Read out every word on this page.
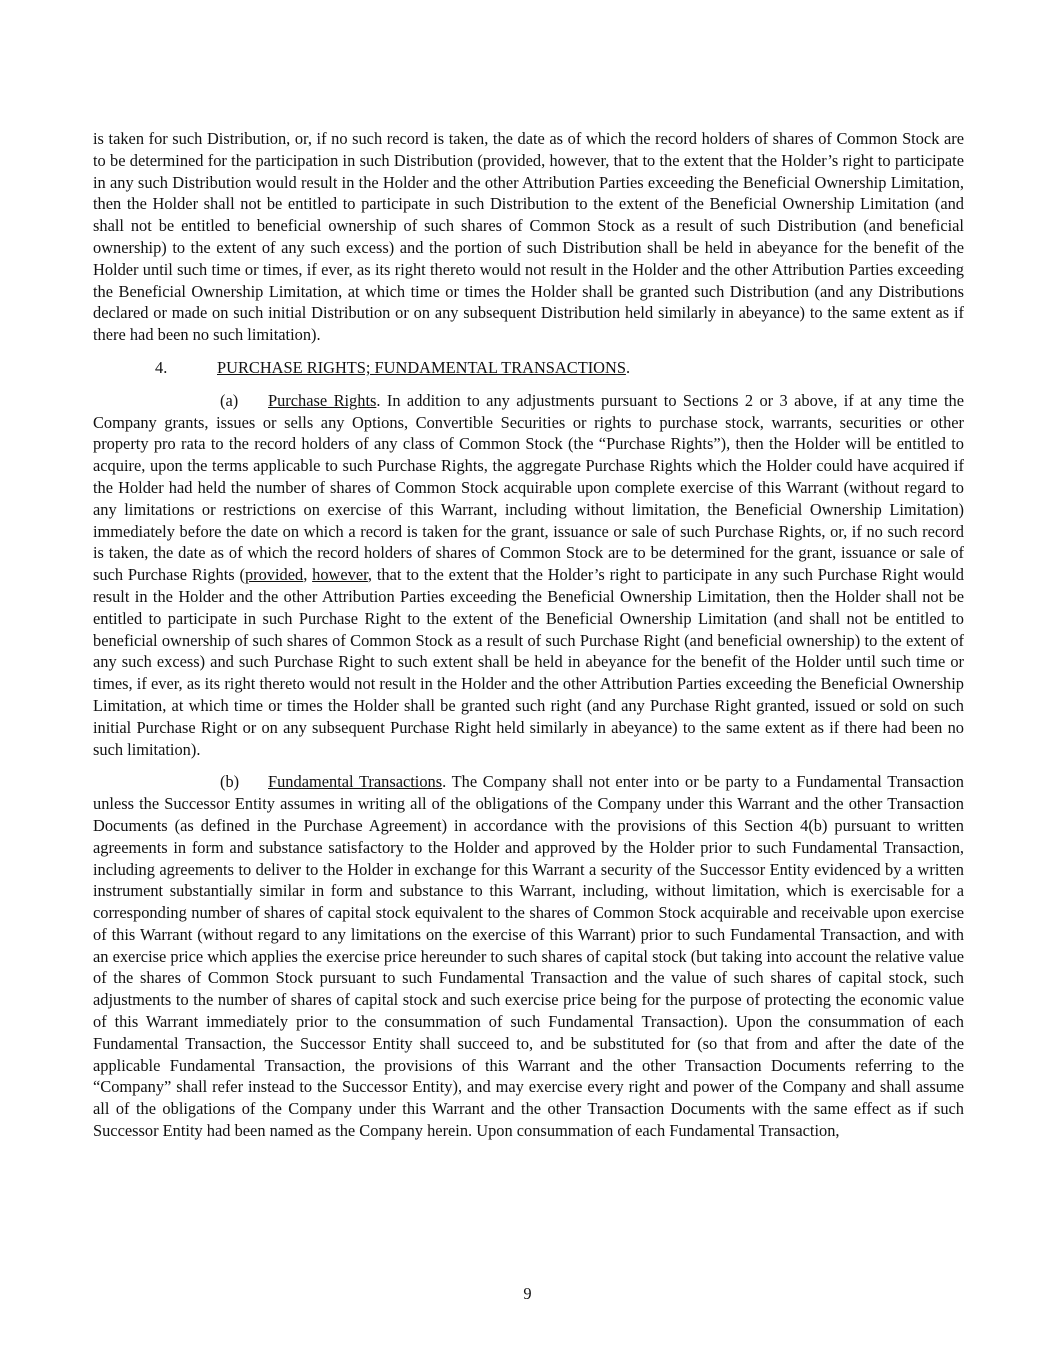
is taken for such Distribution, or, if no such record is taken, the date as of which the record holders of shares of Common Stock are to be determined for the participation in such Distribution (provided, however, that to the extent that the Holder’s right to participate in any such Distribution would result in the Holder and the other Attribution Parties exceeding the Beneficial Ownership Limitation, then the Holder shall not be entitled to participate in such Distribution to the extent of the Beneficial Ownership Limitation (and shall not be entitled to beneficial ownership of such shares of Common Stock as a result of such Distribution (and beneficial ownership) to the extent of any such excess) and the portion of such Distribution shall be held in abeyance for the benefit of the Holder until such time or times, if ever, as its right thereto would not result in the Holder and the other Attribution Parties exceeding the Beneficial Ownership Limitation, at which time or times the Holder shall be granted such Distribution (and any Distributions declared or made on such initial Distribution or on any subsequent Distribution held similarly in abeyance) to the same extent as if there had been no such limitation).

4.	PURCHASE RIGHTS; FUNDAMENTAL TRANSACTIONS.

(a) Purchase Rights. In addition to any adjustments pursuant to Sections 2 or 3 above, if at any time the Company grants, issues or sells any Options, Convertible Securities or rights to purchase stock, warrants, securities or other property pro rata to the record holders of any class of Common Stock (the “Purchase Rights”), then the Holder will be entitled to acquire, upon the terms applicable to such Purchase Rights, the aggregate Purchase Rights which the Holder could have acquired if the Holder had held the number of shares of Common Stock acquirable upon complete exercise of this Warrant (without regard to any limitations or restrictions on exercise of this Warrant, including without limitation, the Beneficial Ownership Limitation) immediately before the date on which a record is taken for the grant, issuance or sale of such Purchase Rights, or, if no such record is taken, the date as of which the record holders of shares of Common Stock are to be determined for the grant, issuance or sale of such Purchase Rights (provided, however, that to the extent that the Holder’s right to participate in any such Purchase Right would result in the Holder and the other Attribution Parties exceeding the Beneficial Ownership Limitation, then the Holder shall not be entitled to participate in such Purchase Right to the extent of the Beneficial Ownership Limitation (and shall not be entitled to beneficial ownership of such shares of Common Stock as a result of such Purchase Right (and beneficial ownership) to the extent of any such excess) and such Purchase Right to such extent shall be held in abeyance for the benefit of the Holder until such time or times, if ever, as its right thereto would not result in the Holder and the other Attribution Parties exceeding the Beneficial Ownership Limitation, at which time or times the Holder shall be granted such right (and any Purchase Right granted, issued or sold on such initial Purchase Right or on any subsequent Purchase Right held similarly in abeyance) to the same extent as if there had been no such limitation).

(b) Fundamental Transactions. The Company shall not enter into or be party to a Fundamental Transaction unless the Successor Entity assumes in writing all of the obligations of the Company under this Warrant and the other Transaction Documents (as defined in the Purchase Agreement) in accordance with the provisions of this Section 4(b) pursuant to written agreements in form and substance satisfactory to the Holder and approved by the Holder prior to such Fundamental Transaction, including agreements to deliver to the Holder in exchange for this Warrant a security of the Successor Entity evidenced by a written instrument substantially similar in form and substance to this Warrant, including, without limitation, which is exercisable for a corresponding number of shares of capital stock equivalent to the shares of Common Stock acquirable and receivable upon exercise of this Warrant (without regard to any limitations on the exercise of this Warrant) prior to such Fundamental Transaction, and with an exercise price which applies the exercise price hereunder to such shares of capital stock (but taking into account the relative value of the shares of Common Stock pursuant to such Fundamental Transaction and the value of such shares of capital stock, such adjustments to the number of shares of capital stock and such exercise price being for the purpose of protecting the economic value of this Warrant immediately prior to the consummation of such Fundamental Transaction). Upon the consummation of each Fundamental Transaction, the Successor Entity shall succeed to, and be substituted for (so that from and after the date of the applicable Fundamental Transaction, the provisions of this Warrant and the other Transaction Documents referring to the “Company” shall refer instead to the Successor Entity), and may exercise every right and power of the Company and shall assume all of the obligations of the Company under this Warrant and the other Transaction Documents with the same effect as if such Successor Entity had been named as the Company herein. Upon consummation of each Fundamental Transaction,

9
